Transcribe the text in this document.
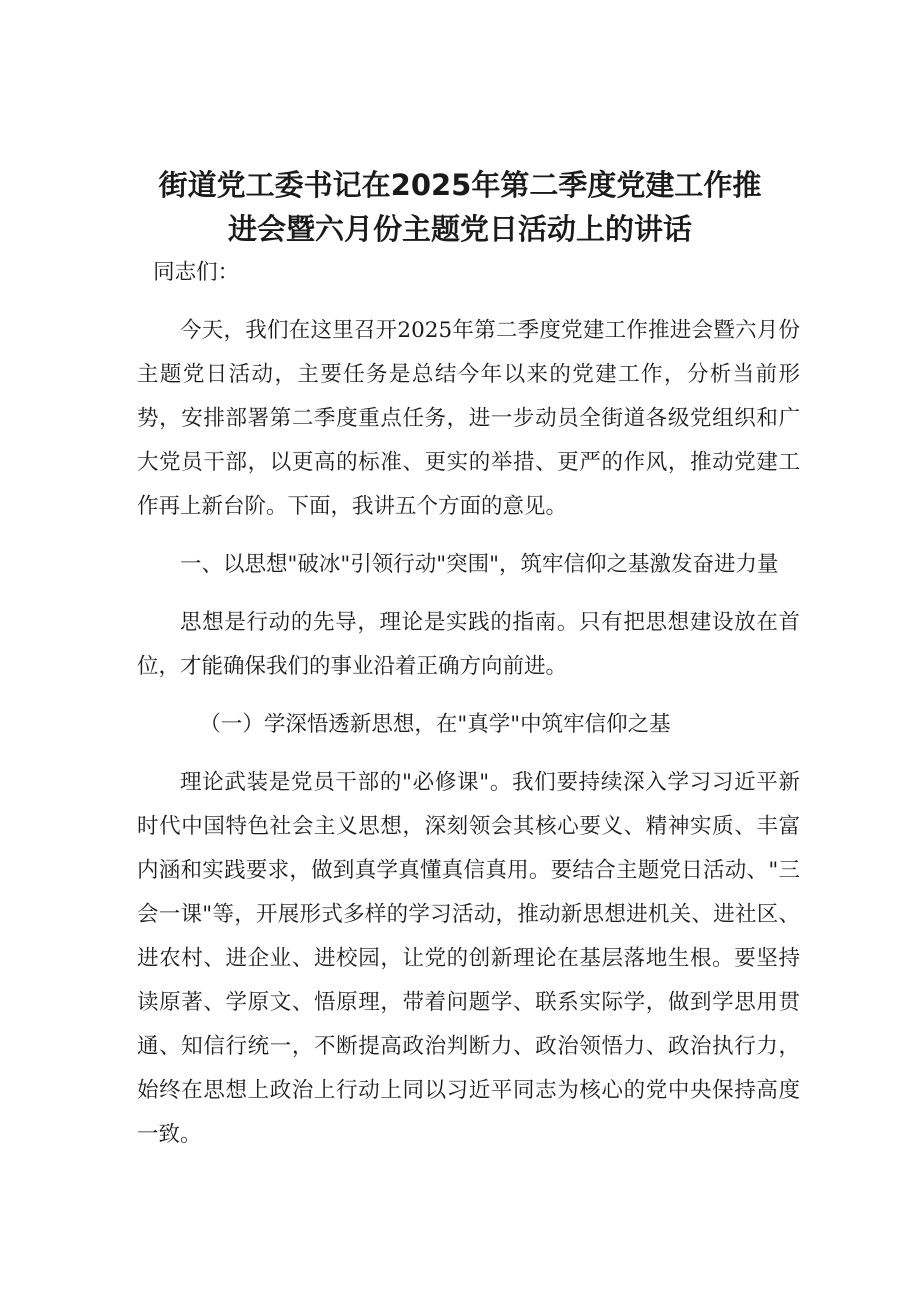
街道党工委书记在2025年第二季度党建工作推
进会暨六月份主题党日活动上的讲话

同志们：

今天，我们在这里召开2025年第二季度党建工作推进会暨六月份主题党日活动，主要任务是总结今年以来的党建工作，分析当前形势，安排部署第二季度重点任务，进一步动员全街道各级党组织和广大党员干部，以更高的标准、更实的举措、更严的作风，推动党建工作再上新台阶。下面，我讲五个方面的意见。

一、以思想"破冰"引领行动"突围"，筑牢信仰之基激发奋进力量

思想是行动的先导，理论是实践的指南。只有把思想建设放在首位，才能确保我们的事业沿着正确方向前进。

（一）学深悟透新思想，在"真学"中筑牢信仰之基

理论武装是党员干部的"必修课"。我们要持续深入学习习近平新时代中国特色社会主义思想，深刻领会其核心要义、精神实质、丰富内涵和实践要求，做到真学真懂真信真用。要结合主题党日活动、"三会一课"等，开展形式多样的学习活动，推动新思想进机关、进社区、进农村、进企业、进校园，让党的创新理论在基层落地生根。要坚持读原著、学原文、悟原理，带着问题学、联系实际学，做到学思用贯通、知信行统一，不断提高政治判断力、政治领悟力、政治执行力，始终在思想上政治上行动上同以习近平同志为核心的党中央保持高度一致。
